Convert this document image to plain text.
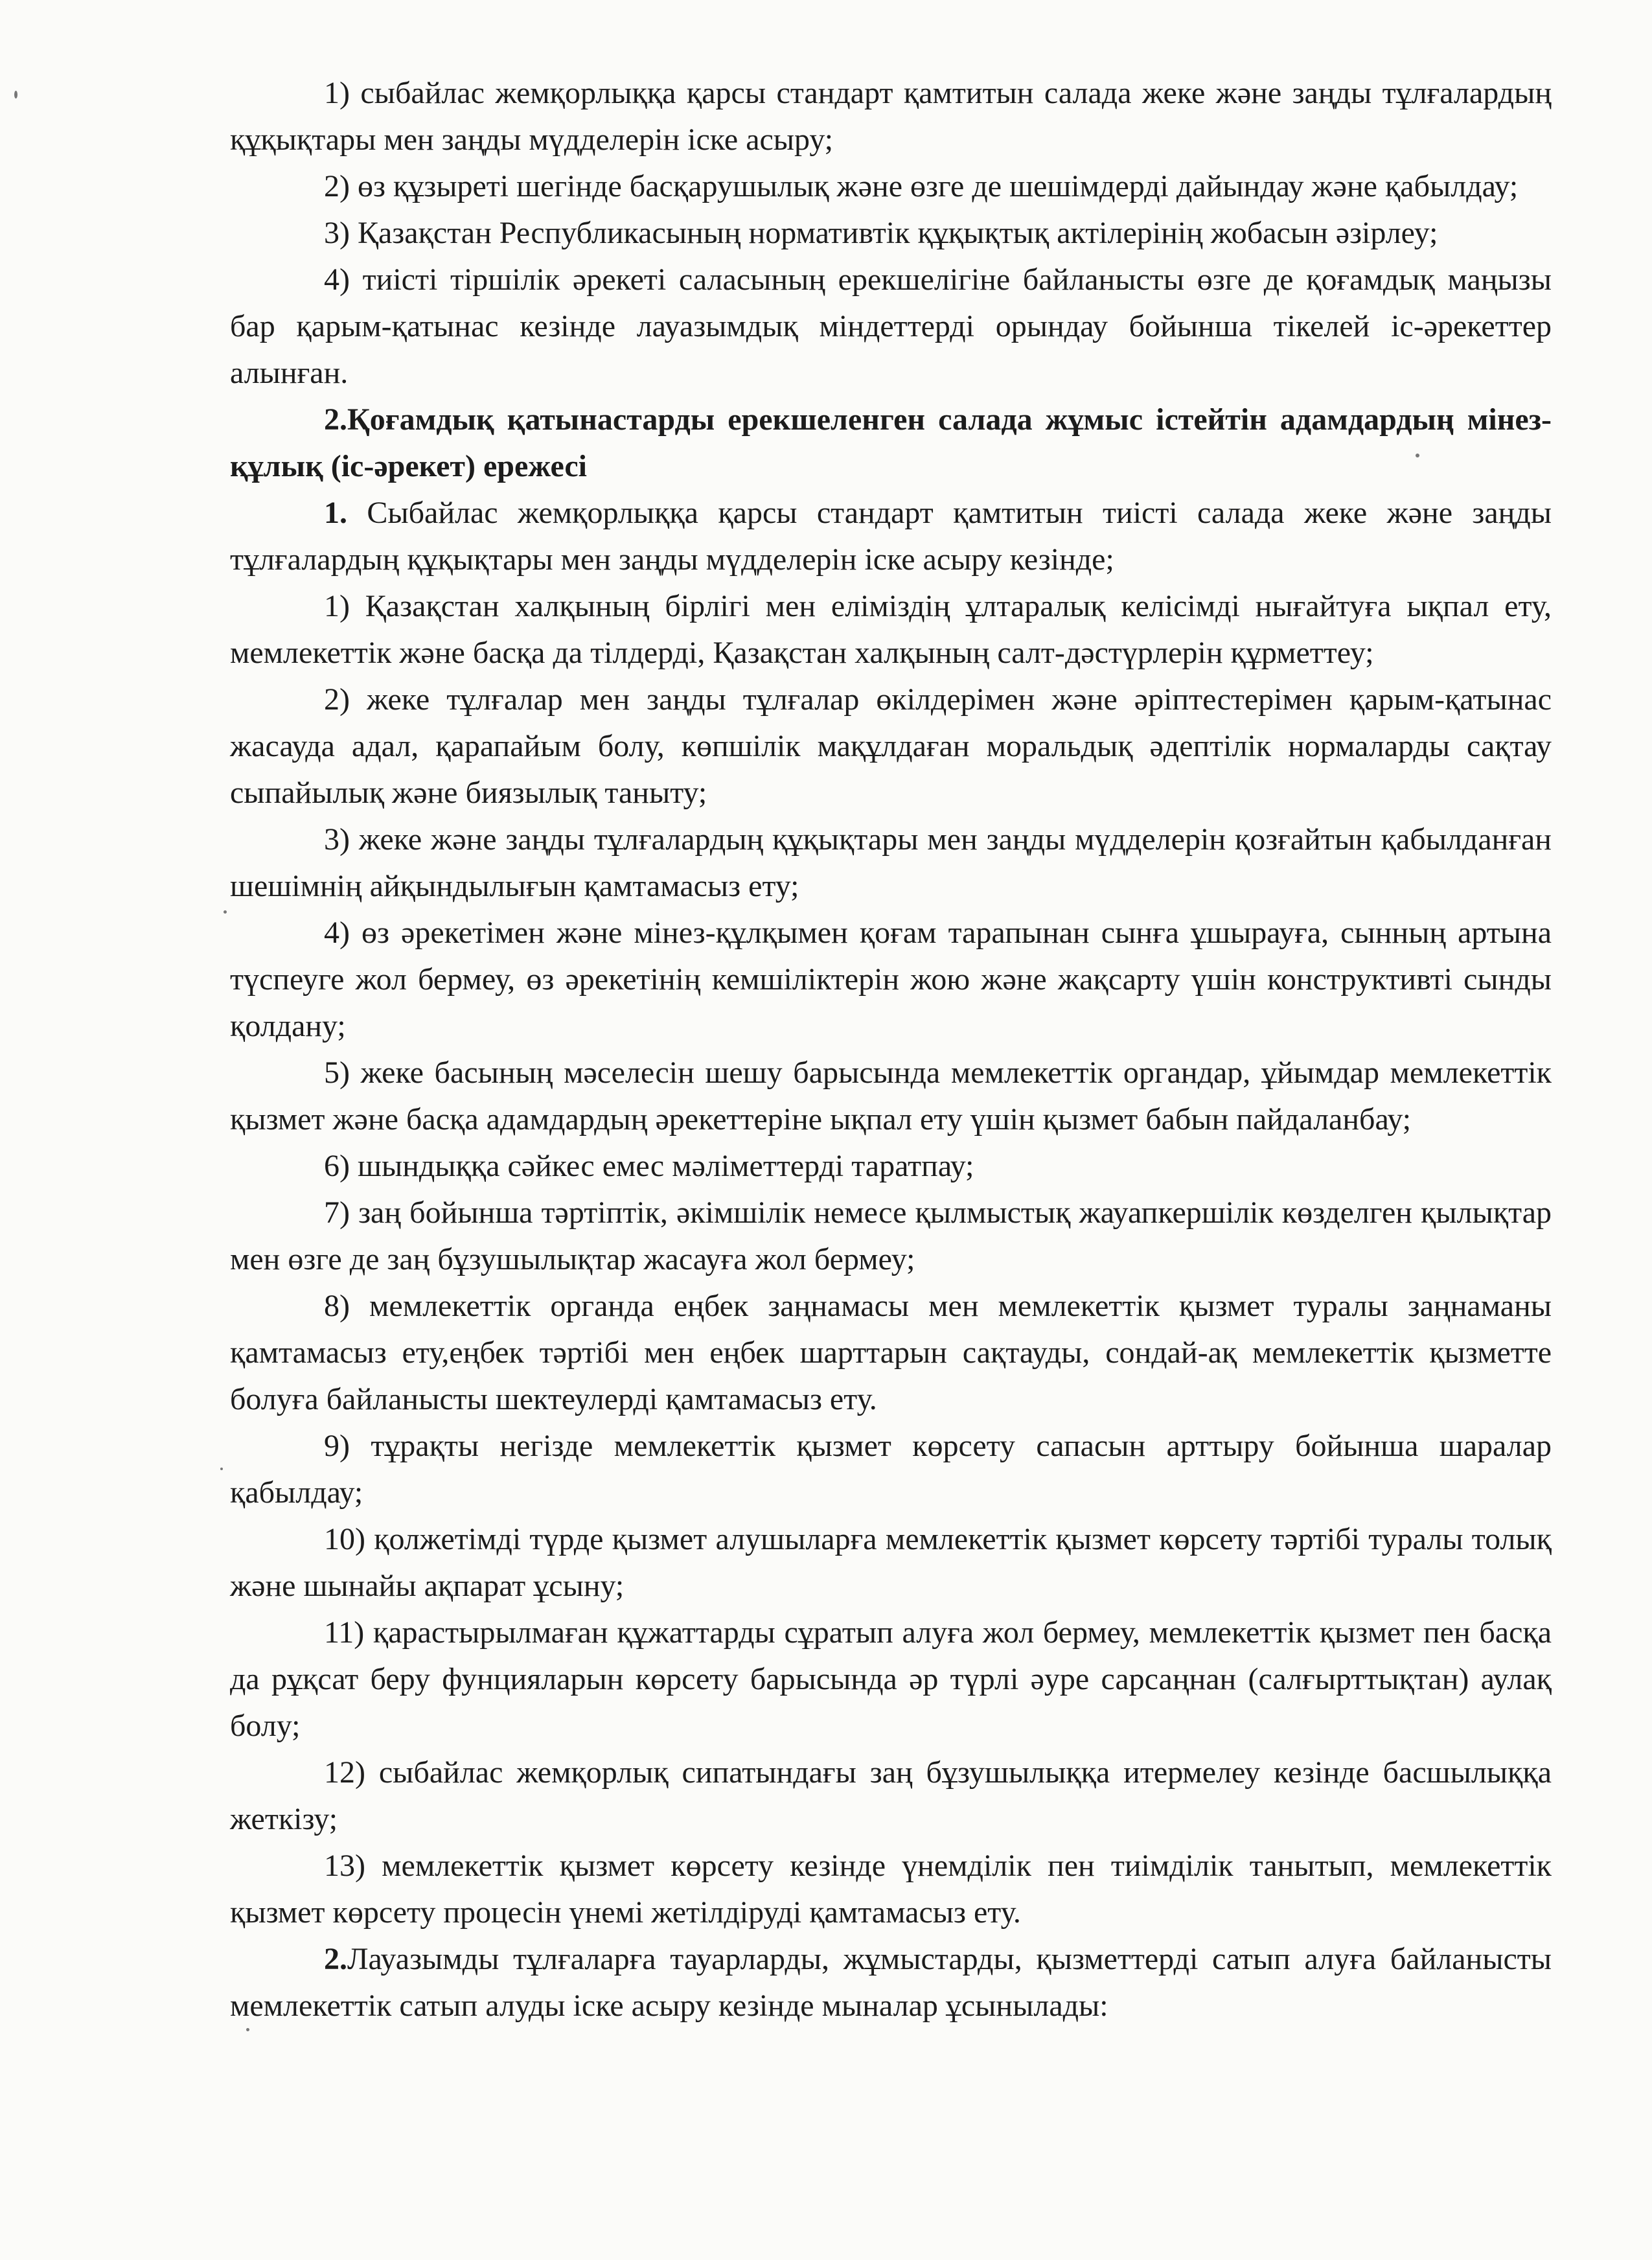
1) сыбайлас жемқорлыққа қарсы стандарт қамтитын салада жеке және заңды тұлғалардың құқықтары мен заңды мүдделерін іске асыру;

2) өз құзыреті шегінде басқарушылық және өзге де шешімдерді дайындау және қабылдау;

3) Қазақстан Республикасының нормативтік құқықтық актілерінің жобасын әзірлеу;

4) тиісті тіршілік әрекеті саласының ерекшелігіне байланысты өзге де қоғамдық маңызы бар қарым-қатынас кезінде лауазымдық міндеттерді орындау бойынша тікелей іс-әрекеттер алынған.

2.Қоғамдық қатынастарды ерекшеленген салада жұмыс істейтін адамдардың мінез-құлық (іс-әрекет) ережесі

1. Сыбайлас жемқорлыққа қарсы стандарт қамтитын тиісті салада жеке және заңды тұлғалардың құқықтары мен заңды мүдделерін іске асыру кезінде;

1) Қазақстан халқының бірлігі мен еліміздің ұлтаралық келісімді нығайтуға ықпал ету, мемлекеттік және басқа да тілдерді, Қазақстан халқының салт-дәстүрлерін құрметтеу;

2) жеке тұлғалар мен заңды тұлғалар өкілдерімен және әріптестерімен қарым-қатынас жасауда адал, қарапайым болу, көпшілік мақұлдаған моральдық әдептілік нормаларды сақтау сыпайылық және биязылық таныту;

3) жеке және заңды тұлғалардың құқықтары мен заңды мүдделерін қозғайтын қабылданған шешімнің айқындылығын қамтамасыз ету;

4) өз әрекетімен және мінез-құлқымен қоғам тарапынан сынға ұшырауға, сынның артына түспеуге жол бермеу, өз әрекетінің кемшіліктерін жою және жақсарту үшін конструктивті сынды қолдану;

5) жеке басының мәселесін шешу барысында мемлекеттік органдар, ұйымдар мемлекеттік қызмет және басқа адамдардың әрекеттеріне ықпал ету үшін қызмет бабын пайдаланбау;

6) шындыққа сәйкес емес мәліметтерді таратпау;

7) заң бойынша тәртіптік, әкімшілік немесе қылмыстық жауапкершілік көзделген қылықтар мен өзге де заң бұзушылықтар жасауға жол бермеу;

8) мемлекеттік органда еңбек заңнамасы мен мемлекеттік қызмет туралы заңнаманы қамтамасыз ету,еңбек тәртібі мен еңбек шарттарын сақтауды, сондай-ақ мемлекеттік қызметте болуға байланысты шектеулерді қамтамасыз ету.

9) тұрақты негізде мемлекеттік қызмет көрсету сапасын арттыру бойынша шаралар қабылдау;

10) қолжетімді түрде қызмет алушыларға мемлекеттік қызмет көрсету тәртібі туралы толық және шынайы ақпарат ұсыну;

11) қарастырылмаған құжаттарды сұратып алуға жол бермеу, мемлекеттік қызмет пен басқа да рұқсат беру фунцияларын көрсету барысында әр түрлі әуре сарсаңнан (салғырттықтан) аулақ болу;

12) сыбайлас жемқорлық сипатындағы заң бұзушылыққа итермелеу кезінде басшылыққа жеткізу;

13) мемлекеттік қызмет көрсету кезінде үнемділік пен тиімділік танытып, мемлекеттік қызмет көрсету процесін үнемі жетілдіруді қамтамасыз ету.

2.Лауазымды тұлғаларға тауарларды, жұмыстарды, қызметтерді сатып алуға байланысты мемлекеттік сатып алуды іске асыру кезінде мыналар ұсынылады:
